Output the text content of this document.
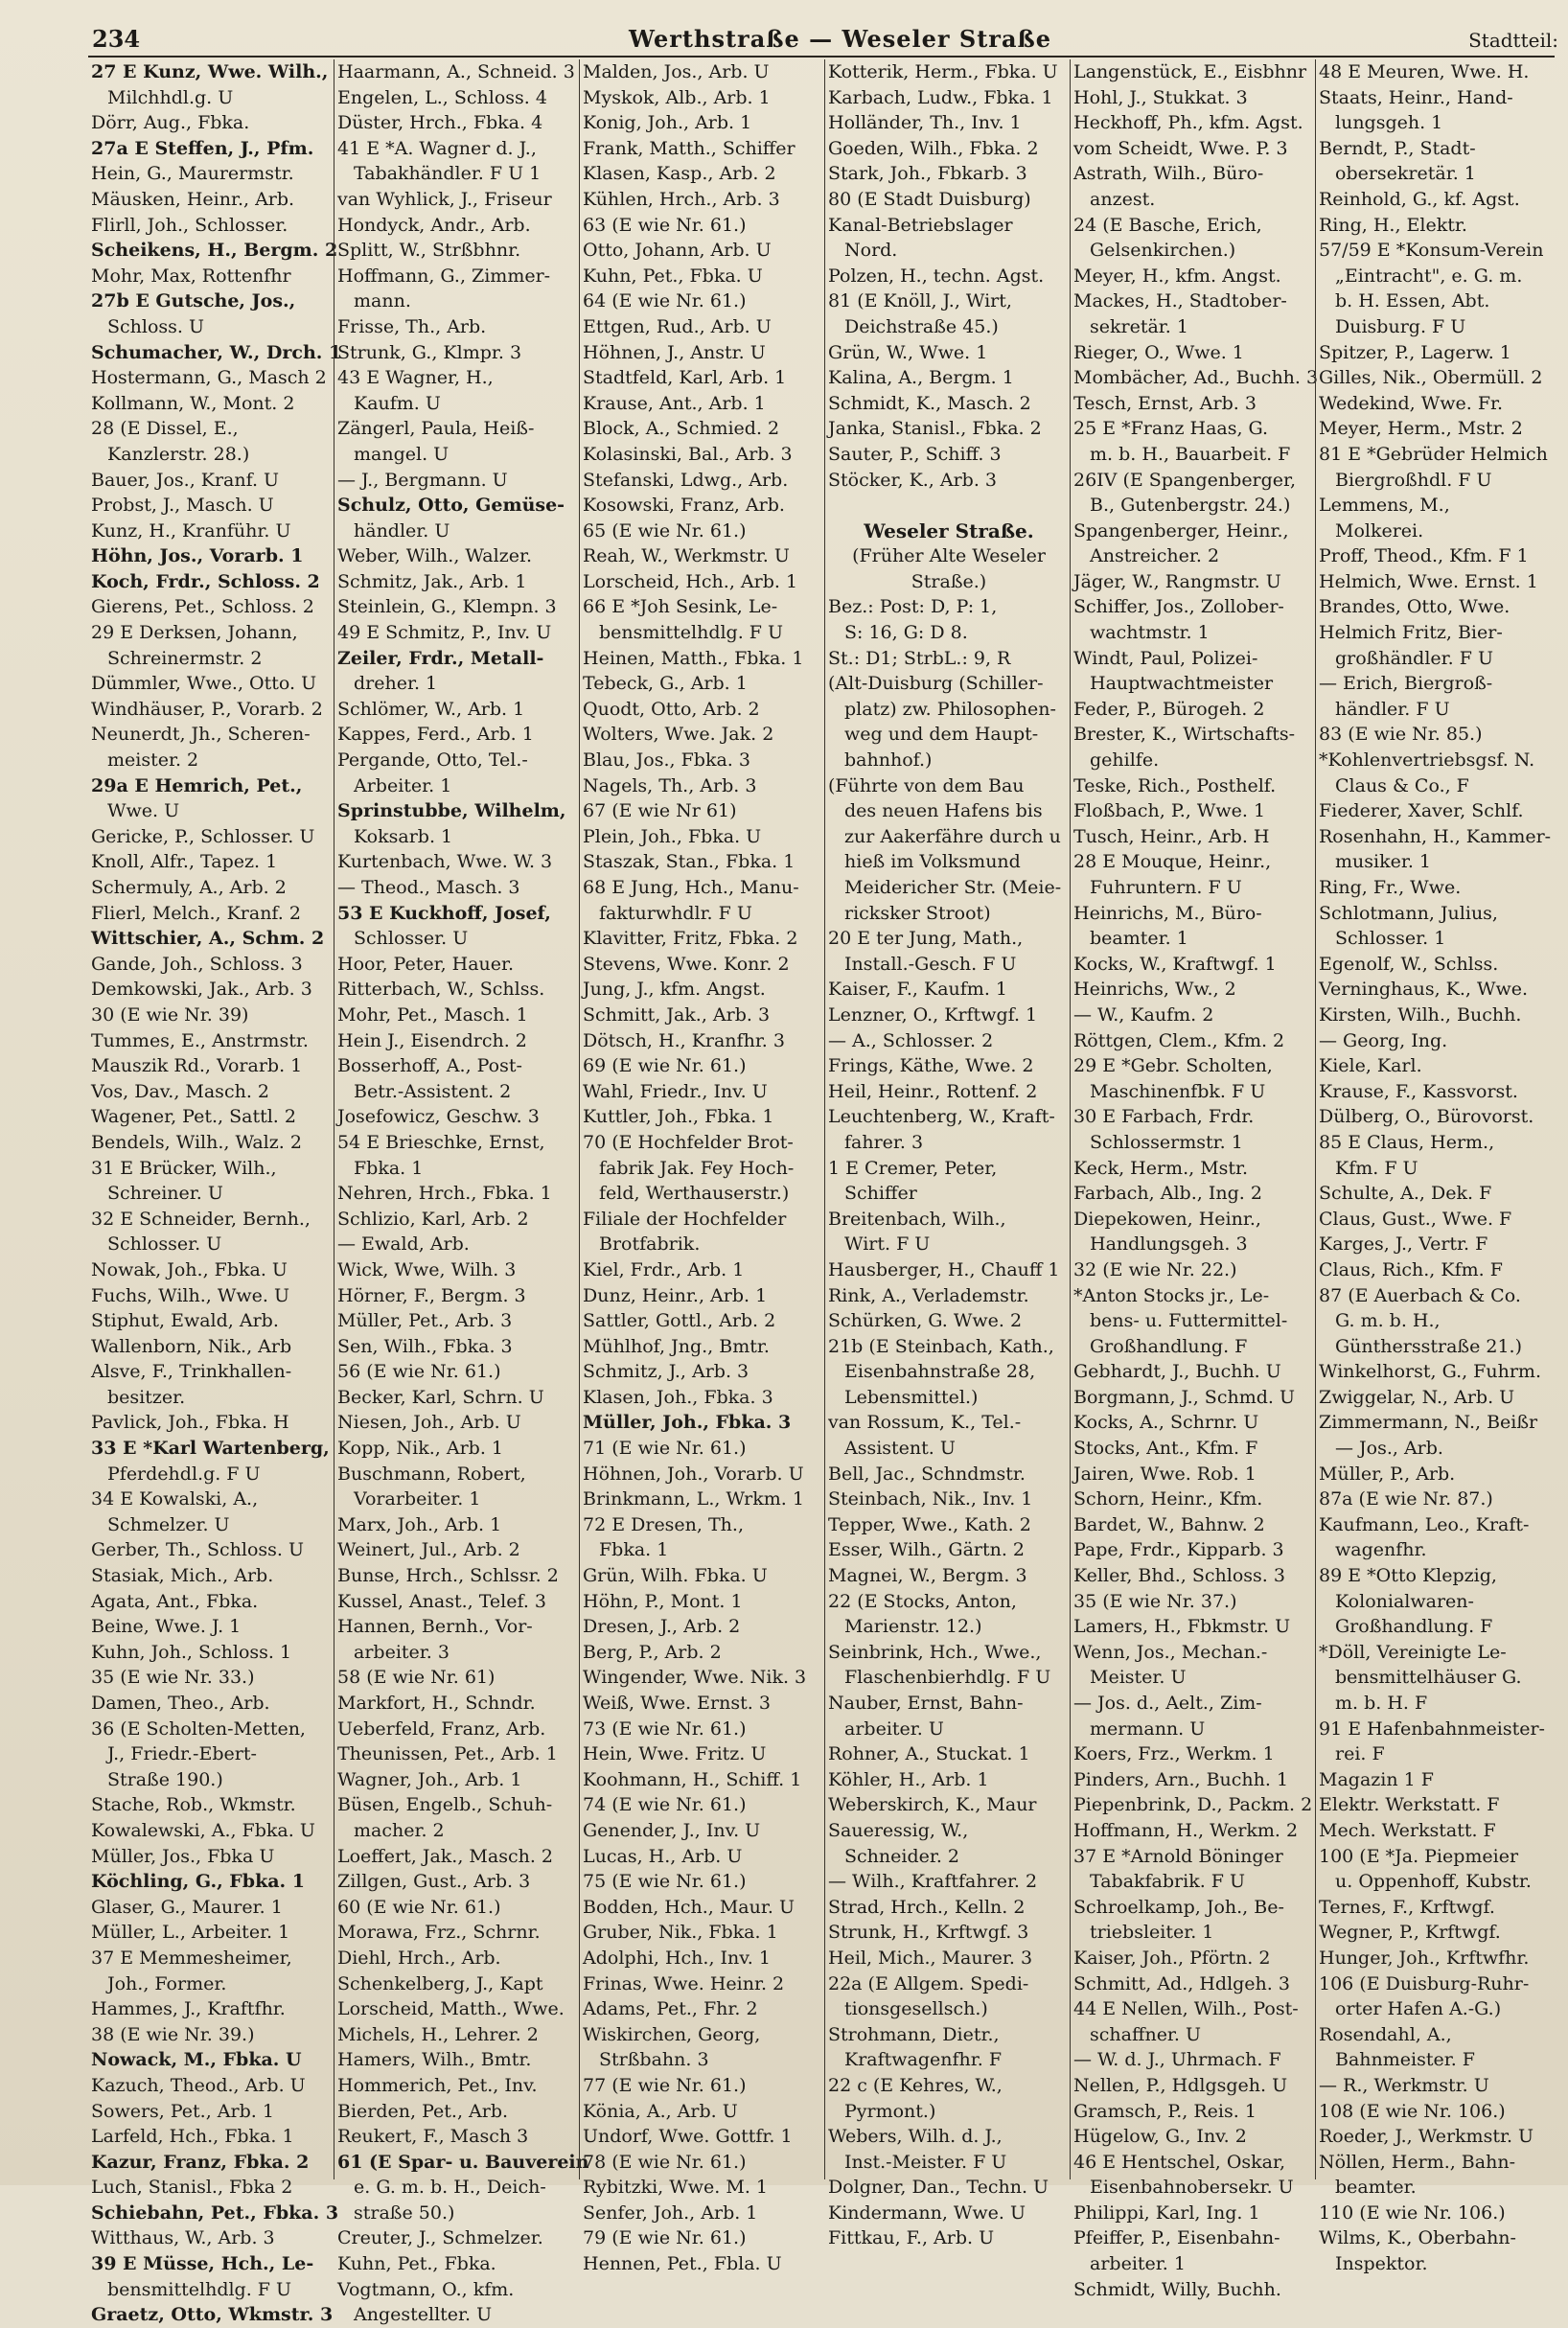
234	Werthstraße — Weseler Straße	Stadtteil:
27 E Kunz, Wwe. Wilh.,
Milchhdl.g. U
Dörr, Aug., Fbka.
27a E Steffen, J., Pfm.
Hein, G., Maurermstr.
Mäusken, Heinr., Arb.
Flirll, Joh., Schlosser.
Scheikens, H., Bergm. 2
Mohr, Max, Rottenfhr
27b E Gutsche, Jos.,
Schloss. U
Schumacher, W., Drch. 1
Hostermann, G., Masch 2
Kollmann, W., Mont. 2
28 (E Dissel, E.,
Kanzlerstr. 28.)
Bauer, Jos., Kranf. U
Probst, J., Masch. U
Kunz, H., Kranführ. U
Höhn, Jos., Vorarb. 1
Koch, Frdr., Schloss. 2
Gierens, Pet., Schloss. 2
29 E Derksen, Johann,
Schreinermstr. 2
Dümmler, Wwe., Otto. U
Windhäuser, P., Vorarb. 2
Neunerdt, Jh., Scheren-
meister. 2
29a E Hemrich, Pet.,
Wwe. U
Gericke, P., Schlosser. U
Knoll, Alfr., Tapez. 1
Schermuly, A., Arb. 2
Flierl, Melch., Kranf. 2
Wittschier, A., Schm. 2
Gande, Joh., Schloss. 3
Demkowski, Jak., Arb. 3
30 (E wie Nr. 39)
Tummes, E., Anstrmstr.
Mauszik Rd., Vorarb. 1
Vos, Dav., Masch. 2
Wagener, Pet., Sattl. 2
Bendels, Wilh., Walz. 2
31 E Brücker, Wilh.,
Schreiner. U
32 E Schneider, Bernh.,
Schlosser. U
Nowak, Joh., Fbka. U
Fuchs, Wilh., Wwe. U
Stiphut, Ewald, Arb.
Wallenborn, Nik., Arb
Alsve, F., Trinkhallen-
besitzer.
Pavlick, Joh., Fbka. H
33 E *Karl Wartenberg,
Pferdehdl.g. F U
34 E Kowalski, A.,
Schmelzer. U
Gerber, Th., Schloss. U
Stasiak, Mich., Arb.
Agata, Ant., Fbka.
Beine, Wwe. J. 1
Kuhn, Joh., Schloss. 1
35 (E wie Nr. 33.)
Damen, Theo., Arb.
36 (E Scholten-Metten,
J., Friedr.-Ebert-
Straße 190.)
Stache, Rob., Wkmstr.
Kowalewski, A., Fbka. U
Müller, Jos., Fbka U
Köchling, G., Fbka. 1
Glaser, G., Maurer. 1
Müller, L., Arbeiter. 1
37 E Memmesheimer,
Joh., Former.
Hammes, J., Kraftfhr.
38 (E wie Nr. 39.)
Nowack, M., Fbka. U
Kazuch, Theod., Arb. U
Sowers, Pet., Arb. 1
Larfeld, Hch., Fbka. 1
Kazur, Franz, Fbka. 2
Luch, Stanisl., Fbka 2
Schiebahn, Pet., Fbka. 3
Witthaus, W., Arb. 3
39 E Müsse, Hch., Le-
bensmittelhdlg. F U
Graetz, Otto, Wkmstr. 3
Haarmann, A., Schneid. 3
Engelen, L., Schloss. 4
Düster, Hrch., Fbka. 4
41 E *A. Wagner d. J.,
Tabakhändler. F U 1
van Wyhlick, J., Friseur
Hondyck, Andr., Arb.
Splitt, W., Strßbhnr.
Hoffmann, G., Zimmer-
mann.
Frisse, Th., Arb.
Strunk, G., Klmpr. 3
43 E Wagner, H.,
Kaufm. U
Zängerl, Paula, Heiß-
mangel. U
— J., Bergmann. U
Schulz, Otto, Gemüse-
händler. U
Weber, Wilh., Walzer.
Schmitz, Jak., Arb. 1
Steinlein, G., Klempn. 3
49 E Schmitz, P., Inv. U
Zeiler, Frdr., Metall-
dreher. 1
Schlömer, W., Arb. 1
Kappes, Ferd., Arb. 1
Pergande, Otto, Tel.-
Arbeiter. 1
Sprinstubbe, Wilhelm,
Koksarb. 1
Kurtenbach, Wwe. W. 3
— Theod., Masch. 3
53 E Kuckhoff, Josef,
Schlosser. U
Hoor, Peter, Hauer.
Ritterbach, W., Schlss.
Mohr, Pet., Masch. 1
Hein J., Eisendrch. 2
Bosserhoff, A., Post-
Betr.-Assistent. 2
Josefowicz, Geschw. 3
54 E Brieschke, Ernst,
Fbka. 1
Nehren, Hrch., Fbka. 1
Schlizio, Karl, Arb. 2
— Ewald, Arb.
Wick, Wwe, Wilh. 3
Hörner, F., Bergm. 3
Müller, Pet., Arb. 3
Sen, Wilh., Fbka. 3
56 (E wie Nr. 61.)
Becker, Karl, Schrn. U
Niesen, Joh., Arb. U
Kopp, Nik., Arb. 1
Buschmann, Robert,
Vorarbeiter. 1
Marx, Joh., Arb. 1
Weinert, Jul., Arb. 2
Bunse, Hrch., Schlssr. 2
Kussel, Anast., Telef. 3
Hannen, Bernh., Vor-
arbeiter. 3
58 (E wie Nr. 61)
Markfort, H., Schndr.
Ueberfeld, Franz, Arb.
Theunissen, Pet., Arb. 1
Wagner, Joh., Arb. 1
Büsen, Engelb., Schuh-
macher. 2
Loeffert, Jak., Masch. 2
Zillgen, Gust., Arb. 3
60 (E wie Nr. 61.)
Morawa, Frz., Schrnr.
Diehl, Hrch., Arb.
Schenkelberg, J., Kapt
Lorscheid, Matth., Wwe.
Michels, H., Lehrer. 2
Hamers, Wilh., Bmtr.
Hommerich, Pet., Inv.
Bierden, Pet., Arb.
Reukert, F., Masch 3
61 (E Spar- u. Bauverein
e. G. m. b. H., Deich-
straße 50.)
Creuter, J., Schmelzer.
Kuhn, Pet., Fbka.
Vogtmann, O., kfm.
Angestellter. U
Malden, Jos., Arb. U
Myskok, Alb., Arb. 1
Konig, Joh., Arb. 1
Frank, Matth., Schiffer
Klasen, Kasp., Arb. 2
Kühlen, Hrch., Arb. 3
63 (E wie Nr. 61.)
Otto, Johann, Arb. U
Kuhn, Pet., Fbka. U
64 (E wie Nr. 61.)
Ettgen, Rud., Arb. U
Höhnen, J., Anstr. U
Stadtfeld, Karl, Arb. 1
Krause, Ant., Arb. 1
Block, A., Schmied. 2
Kolasinski, Bal., Arb. 3
Stefanski, Ldwg., Arb.
Kosowski, Franz, Arb.
65 (E wie Nr. 61.)
Reah, W., Werkmstr. U
Lorscheid, Hch., Arb. 1
66 E *Joh Sesink, Le-
bensmittelhdlg. F U
Heinen, Matth., Fbka. 1
Tebeck, G., Arb. 1
Quodt, Otto, Arb. 2
Wolters, Wwe. Jak. 2
Blau, Jos., Fbka. 3
Nagels, Th., Arb. 3
67 (E wie Nr 61)
Plein, Joh., Fbka. U
Staszak, Stan., Fbka. 1
68 E Jung, Hch., Manu-
fakturwhdlr. F U
Klavitter, Fritz, Fbka. 2
Stevens, Wwe. Konr. 2
Jung, J., kfm. Angst.
Schmitt, Jak., Arb. 3
Dötsch, H., Kranfhr. 3
69 (E wie Nr. 61.)
Wahl, Friedr., Inv. U
Kuttler, Joh., Fbka. 1
70 (E Hochfelder Brot-
fabrik Jak. Fey Hoch-
feld, Werthauserstr.)
Filiale der Hochfelder
Brotfabrik.
Kiel, Frdr., Arb. 1
Dunz, Heinr., Arb. 1
Sattler, Gottl., Arb. 2
Mühlhof, Jng., Bmtr.
Schmitz, J., Arb. 3
Klasen, Joh., Fbka. 3
Müller, Joh., Fbka. 3
71 (E wie Nr. 61.)
Höhnen, Joh., Vorarb. U
Brinkmann, L., Wrkm. 1
72 E Dresen, Th.,
Fbka. 1
Grün, Wilh. Fbka. U
Höhn, P., Mont. 1
Dresen, J., Arb. 2
Berg, P., Arb. 2
Wingender, Wwe. Nik. 3
Weiß, Wwe. Ernst. 3
73 (E wie Nr. 61.)
Hein, Wwe. Fritz. U
Koohmann, H., Schiff. 1
74 (E wie Nr. 61.)
Genender, J., Inv. U
Lucas, H., Arb. U
75 (E wie Nr. 61.)
Bodden, Hch., Maur. U
Gruber, Nik., Fbka. 1
Adolphi, Hch., Inv. 1
Frinas, Wwe. Heinr. 2
Adams, Pet., Fhr. 2
Wiskirchen, Georg,
Strßbahn. 3
77 (E wie Nr. 61.)
Könia, A., Arb. U
Undorf, Wwe. Gottfr. 1
78 (E wie Nr. 61.)
Rybitzki, Wwe. M. 1
Senfer, Joh., Arb. 1
79 (E wie Nr. 61.)
Hennen, Pet., Fbla. U
Kotterik, Herm., Fbka. U
Karbach, Ludw., Fbka. 1
Holländer, Th., Inv. 1
Goeden, Wilh., Fbka. 2
Stark, Joh., Fbkarb. 3
80 (E Stadt Duisburg)
Kanal-Betriebslager
Nord.
Polzen, H., techn. Agst.
81 (E Knöll, J., Wirt,
Deichstraße 45.)
Grün, W., Wwe. 1
Kalina, A., Bergm. 1
Schmidt, K., Masch. 2
Janka, Stanisl., Fbka. 2
Sauter, P., Schiff. 3
Stöcker, K., Arb. 3

Weseler Straße.
(Früher Alte Weseler
Straße.)
Bez.: Post: D, P: 1,
S: 16, G: D 8.
St.: D1; StrbL.: 9, R
(Alt-Duisburg (Schiller-
platz) zw. Philosophen-
weg und dem Haupt-
bahnhof.)
(Führte von dem Bau
des neuen Hafens bis
zur Aakerfähre durch u
hieß im Volksmund
Meidericher Str. (Meie-
ricksker Stroot)
20 E ter Jung, Math.,
Install.-Gesch. F U
Kaiser, F., Kaufm. 1
Lenzner, O., Krftwgf. 1
— A., Schlosser. 2
Frings, Käthe, Wwe. 2
Heil, Heinr., Rottenf. 2
Leuchtenberg, W., Kraft-
fahrer. 3
1 E Cremer, Peter,
Schiffer
Breitenbach, Wilh.,
Wirt. F U
Hausberger, H., Chauff 1
Rink, A., Verlademstr.
Schürken, G. Wwe. 2
21b (E Steinbach, Kath.,
Eisenbahnstraße 28,
Lebensmittel.)
van Rossum, K., Tel.-
Assistent. U
Bell, Jac., Schndmstr.
Steinbach, Nik., Inv. 1
Tepper, Wwe., Kath. 2
Esser, Wilh., Gärtn. 2
Magnei, W., Bergm. 3
22 (E Stocks, Anton,
Marienstr. 12.)
Seinbrink, Hch., Wwe.,
Flaschenbierhdlg. F U
Nauber, Ernst, Bahn-
arbeiter. U
Rohner, A., Stuckat. 1
Köhler, H., Arb. 1
Weberskirch, K., Maur
Saueressig, W.,
Schneider. 2
— Wilh., Kraftfahrer. 2
Strad, Hrch., Kelln. 2
Strunk, H., Krftwgf. 3
Heil, Mich., Maurer. 3
22a (E Allgem. Spedi-
tionsgesellsch.)
Strohmann, Dietr.,
Kraftwagenfhr. F
22 c (E Kehres, W.,
Pyrmont.)
Webers, Wilh. d. J.,
Inst.-Meister. F U
Dolgner, Dan., Techn. U
Kindermann, Wwe. U
Fittkau, F., Arb. U
Langenstück, E., Eisbhnr
Hohl, J., Stukkat. 3
Heckhoff, Ph., kfm. Agst.
vom Scheidt, Wwe. P. 3
Astrath, Wilh., Büro-
anzest.
24 (E Basche, Erich,
Gelsenkirchen.)
Meyer, H., kfm. Angst.
Mackes, H., Stadtober-
sekretär. 1
Rieger, O., Wwe. 1
Mombächer, Ad., Buchh. 3
Tesch, Ernst, Arb. 3
25 E *Franz Haas, G.
m. b. H., Bauarbeit. F
26IV (E Spangenberger,
B., Gutenbergstr. 24.)
Spangenberger, Heinr.,
Anstreicher. 2
Jäger, W., Rangmstr. U
Schiffer, Jos., Zollober-
wachtmstr. 1
Windt, Paul, Polizei-
Hauptwachtmeister
Feder, P., Bürogeh. 2
Brester, K., Wirtschafts-
gehilfe.
Teske, Rich., Posthelf.
Floßbach, P., Wwe. 1
Tusch, Heinr., Arb. H
28 E Mouque, Heinr.,
Fuhruntern. F U
Heinrichs, M., Büro-
beamter. 1
Kocks, W., Kraftwgf. 1
Heinrichs, Ww., 2
— W., Kaufm. 2
Röttgen, Clem., Kfm. 2
29 E *Gebr. Scholten,
Maschinenfbk. F U
30 E Farbach, Frdr.
Schlossermstr. 1
Keck, Herm., Mstr.
Farbach, Alb., Ing. 2
Diepekowen, Heinr.,
Handlungsgeh. 3
32 (E wie Nr. 22.)
*Anton Stocks jr., Le-
bens- u. Futtermittel-
Großhandlung. F
Gebhardt, J., Buchh. U
Borgmann, J., Schmd. U
Kocks, A., Schrnr. U
Stocks, Ant., Kfm. F
Jairen, Wwe. Rob. 1
Schorn, Heinr., Kfm.
Bardet, W., Bahnw. 2
Pape, Frdr., Kipparb. 3
Keller, Bhd., Schloss. 3
35 (E wie Nr. 37.)
Lamers, H., Fbkmstr. U
Wenn, Jos., Mechan.-
Meister. U
— Jos. d., Aelt., Zim-
mermann. U
Koers, Frz., Werkm. 1
Pinders, Arn., Buchh. 1
Piepenbrink, D., Packm. 2
Hoffmann, H., Werkm. 2
37 E *Arnold Böninger
Tabakfabrik. F U
Schroelkamp, Joh., Be-
triebsleiter. 1
Kaiser, Joh., Pförtn. 2
Schmitt, Ad., Hdlgeh. 3
44 E Nellen, Wilh., Post-
schaffner. U
— W. d. J., Uhrmach. F
Nellen, P., Hdlgsgeh. U
Gramsch, P., Reis. 1
Hügelow, G., Inv. 2
46 E Hentschel, Oskar,
Eisenbahnobersekr. U
Philippi, Karl, Ing. 1
Pfeiffer, P., Eisenbahn-
arbeiter. 1
Schmidt, Willy, Buchh.
48 E Meuren, Wwe. H.
Staats, Heinr., Hand-
lungsgeh. 1
Berndt, P., Stadt-
obersekretär. 1
Reinhold, G., kf. Agst.
Ring, H., Elektr.
57/59 E *Konsum-Verein
„Eintracht", e. G. m.
b. H. Essen, Abt.
Duisburg. F U
Spitzer, P., Lagerw. 1
Gilles, Nik., Obermüll. 2
Wedekind, Wwe. Fr.
Meyer, Herm., Mstr. 2
81 E *Gebrüder Helmich
Biergroßhdl. F U
Lemmens, M.,
Molkerei.
Proff, Theod., Kfm. F 1
Helmich, Wwe. Ernst. 1
Brandes, Otto, Wwe.
Helmich Fritz, Bier-
großhändler. F U
— Erich, Biergroß-
händler. F U
83 (E wie Nr. 85.)
*Kohlenvertriebsgsf. N.
Claus & Co., F
Fiederer, Xaver, Schlf.
Rosenhahn, H., Kammer-
musiker. 1
Ring, Fr., Wwe.
Schlotmann, Julius,
Schlosser. 1
Egenolf, W., Schlss.
Verninghaus, K., Wwe.
Kirsten, Wilh., Buchh.
— Georg, Ing.
Kiele, Karl.
Krause, F., Kassvorst.
Dülberg, O., Bürovorst.
85 E Claus, Herm.,
Kfm. F U
Schulte, A., Dek. F
Claus, Gust., Wwe. F
Karges, J., Vertr. F
Claus, Rich., Kfm. F
87 (E Auerbach & Co.
G. m. b. H.,
Günthersstraße 21.)
Winkelhorst, G., Fuhrm.
Zwiggelar, N., Arb. U
Zimmermann, N., Beißr
— Jos., Arb.
Müller, P., Arb.
87a (E wie Nr. 87.)
Kaufmann, Leo., Kraft-
wagenfhr.
89 E *Otto Klepzig,
Kolonialwaren-
Großhandlung. F
*Döll, Vereinigte Le-
bensmittelhäuser G.
m. b. H. F
91 E Hafenbahnmeister-
rei. F
Magazin 1 F
Elektr. Werkstatt. F
Mech. Werkstatt. F
100 (E *Ja. Piepmeier
u. Oppenhoff, Kubstr.
Ternes, F., Krftwgf.
Wegner, P., Krftwgf.
Hunger, Joh., Krftwfhr.
106 (E Duisburg-Ruhr-
orter Hafen A.-G.)
Rosendahl, A.,
Bahnmeister. F
— R., Werkmstr. U
108 (E wie Nr. 106.)
Roeder, J., Werkmstr. U
Nöllen, Herm., Bahn-
beamter.
110 (E wie Nr. 106.)
Wilms, K., Oberbahn-
Inspektor.
